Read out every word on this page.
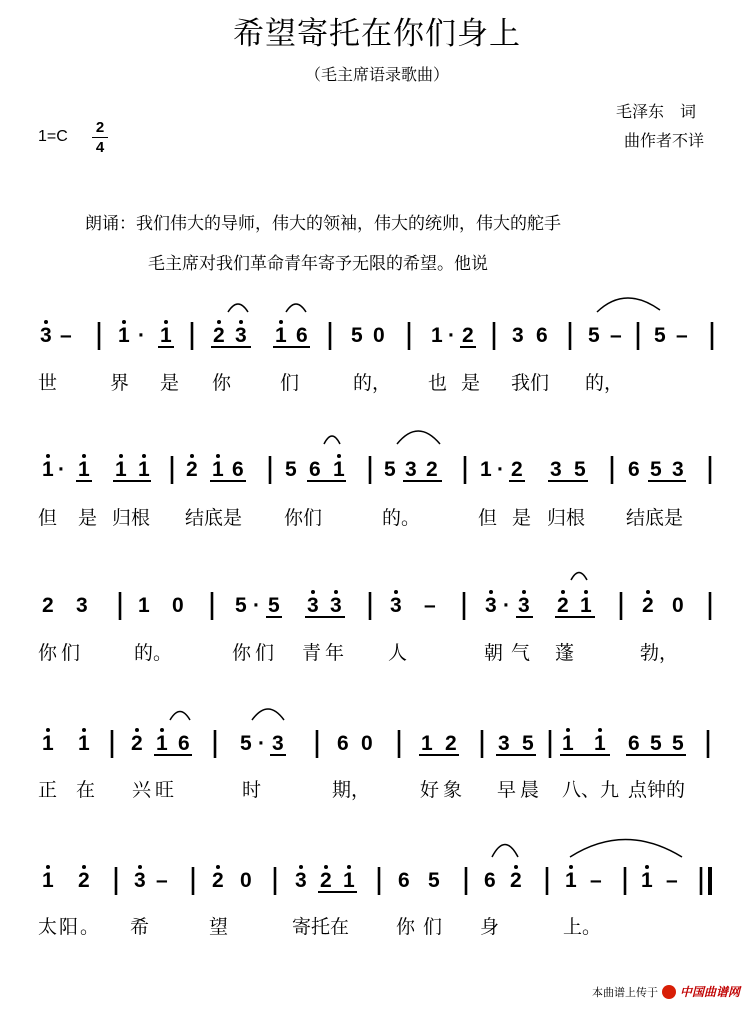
希望寄托在你们身上
（毛主席语录歌曲）
毛泽东　词
曲作者不详
1=C
2
4
朗诵：我们伟大的导师，伟大的领袖，伟大的统帅，伟大的舵手
毛主席对我们革命青年寄予无限的希望。他说
3 – 1 · 1 2 3 1 6 5 0 1 · 2 3 6 5 – 5 –
1 · 1 1 1 2 1 6 5 6 1 5 3 2 1 · 2 3 5 6 5 3
2 3 1 0 5 · 5 3 3 3 – 3 · 3 2 1 2 0
1 1 2 1 6 5 · 3	6 0 1 2 3 5 1 1 6 5 5
1 2 3 – 2 0 3 2 1 6 5 6 2 1 – 1 –
世	界 是 你	们	的， 也 是 我们 的，
但 是 归根 结底是 你们	的。	但 是 归根 结底是
你们	的。	你们 青年 人	朝气 蓬	勃，
正 在 兴旺	时	期，	好象 早晨 八、九 点钟的
太阳。 希	望	寄托在 你们 身	上。
本曲谱上传于 中国曲谱网
